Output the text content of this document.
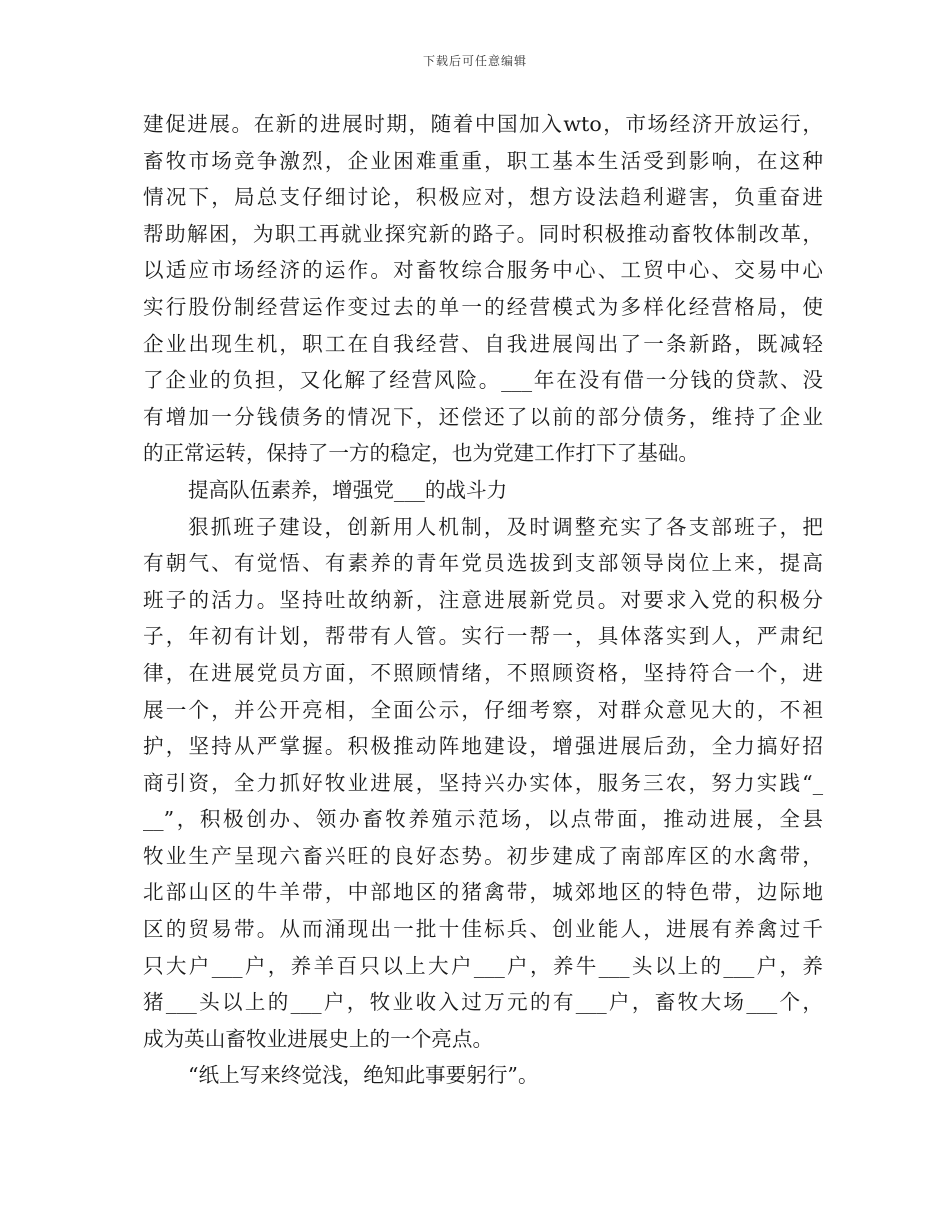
下载后可任意编辑
建促进展。在新的进展时期，随着中国加入wto，市场经济开放运行，
畜牧市场竞争激烈，企业困难重重，职工基本生活受到影响，在这种
情况下，局总支仔细讨论，积极应对，想方设法趋利避害，负重奋进
帮助解困，为职工再就业探究新的路子。同时积极推动畜牧体制改革，
以适应市场经济的运作。对畜牧综合服务中心、工贸中心、交易中心
实行股份制经营运作变过去的单一的经营模式为多样化经营格局，使
企业出现生机，职工在自我经营、自我进展闯出了一条新路，既减轻
了企业的负担，又化解了经营风险。___年在没有借一分钱的贷款、没
有增加一分钱债务的情况下，还偿还了以前的部分债务，维持了企业
的正常运转，保持了一方的稳定，也为党建工作打下了基础。
提高队伍素养，增强党___的战斗力
狠抓班子建设，创新用人机制，及时调整充实了各支部班子，把
有朝气、有觉悟、有素养的青年党员选拔到支部领导岗位上来，提高
班子的活力。坚持吐故纳新，注意进展新党员。对要求入党的积极分
子，年初有计划，帮带有人管。实行一帮一，具体落实到人，严肃纪
律，在进展党员方面，不照顾情绪，不照顾资格，坚持符合一个，进
展一个，并公开亮相，全面公示，仔细考察，对群众意见大的，不袒
护，坚持从严掌握。积极推动阵地建设，增强进展后劲，全力搞好招
商引资，全力抓好牧业进展，坚持兴办实体，服务三农，努力实践“_
__”，积极创办、领办畜牧养殖示范场，以点带面，推动进展，全县
牧业生产呈现六畜兴旺的良好态势。初步建成了南部库区的水禽带，
北部山区的牛羊带，中部地区的猪禽带，城郊地区的特色带，边际地
区的贸易带。从而涌现出一批十佳标兵、创业能人，进展有养禽过千
只大户___户，养羊百只以上大户___户，养牛___头以上的___户，养
猪___头以上的___户，牧业收入过万元的有___户，畜牧大场___个，
成为英山畜牧业进展史上的一个亮点。
“纸上写来终觉浅，绝知此事要躬行”。
